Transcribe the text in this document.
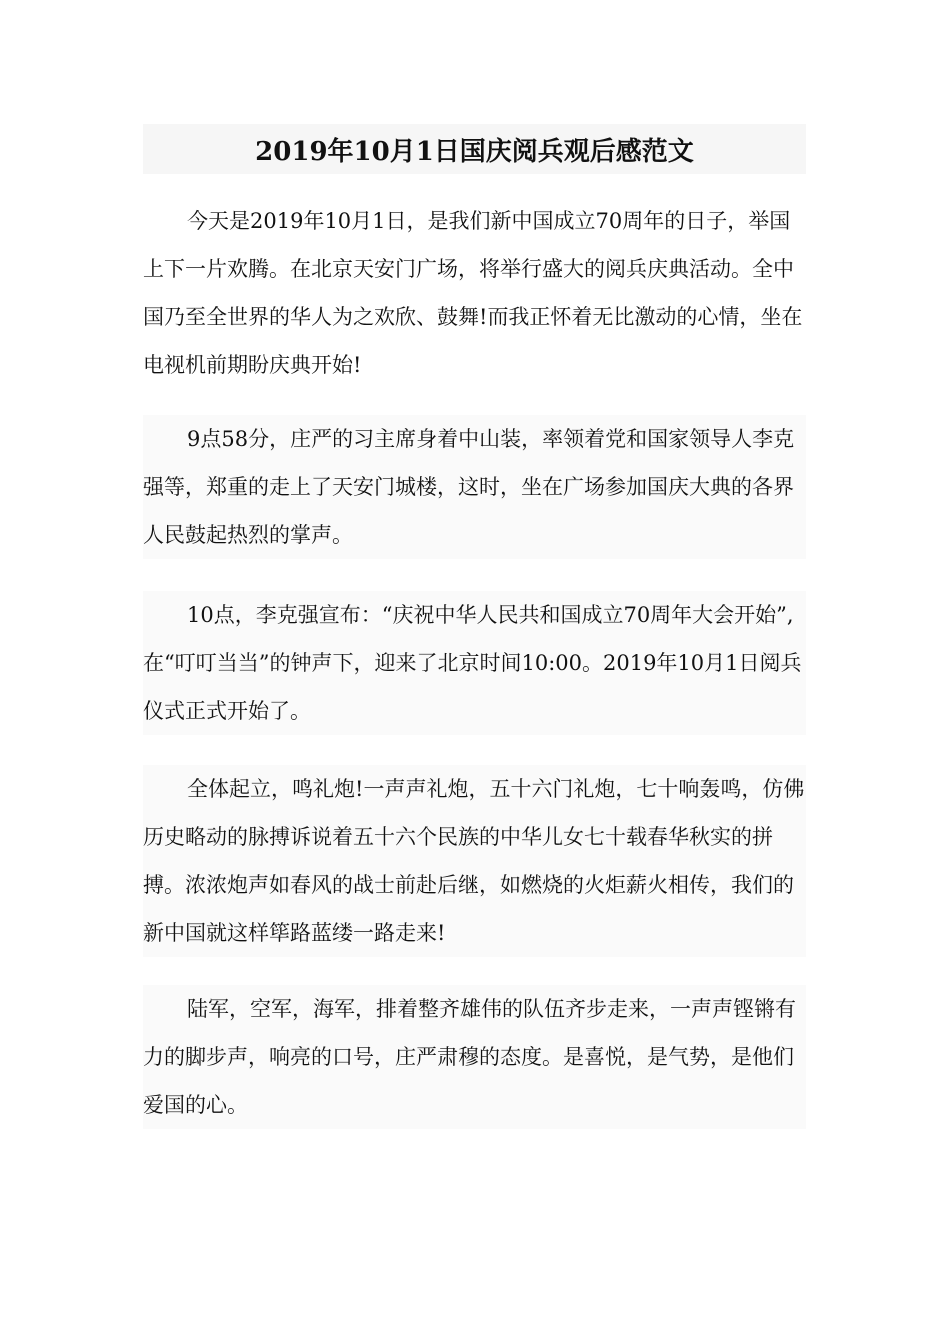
2019年10月1日国庆阅兵观后感范文

今天是2019年10月1日，是我们新中国成立70周年的日子，举国上下一片欢腾。在北京天安门广场，将举行盛大的阅兵庆典活动。全中国乃至全世界的华人为之欢欣、鼓舞!而我正怀着无比激动的心情，坐在电视机前期盼庆典开始!

9点58分，庄严的习主席身着中山装，率领着党和国家领导人李克强等，郑重的走上了天安门城楼，这时，坐在广场参加国庆大典的各界人民鼓起热烈的掌声。

10点，李克强宣布：“庆祝中华人民共和国成立70周年大会开始”,在“叮叮当当”的钟声下，迎来了北京时间10:00。2019年10月1日阅兵仪式正式开始了。

全体起立，鸣礼炮!一声声礼炮，五十六门礼炮，七十响轰鸣，仿佛历史略动的脉搏诉说着五十六个民族的中华儿女七十载春华秋实的拼搏。浓浓炮声如春风的战士前赴后继，如燃烧的火炬薪火相传，我们的新中国就这样筚路蓝缕一路走来!

陆军，空军，海军，排着整齐雄伟的队伍齐步走来，一声声铿锵有力的脚步声，响亮的口号，庄严肃穆的态度。是喜悦，是气势，是他们爱国的心。
